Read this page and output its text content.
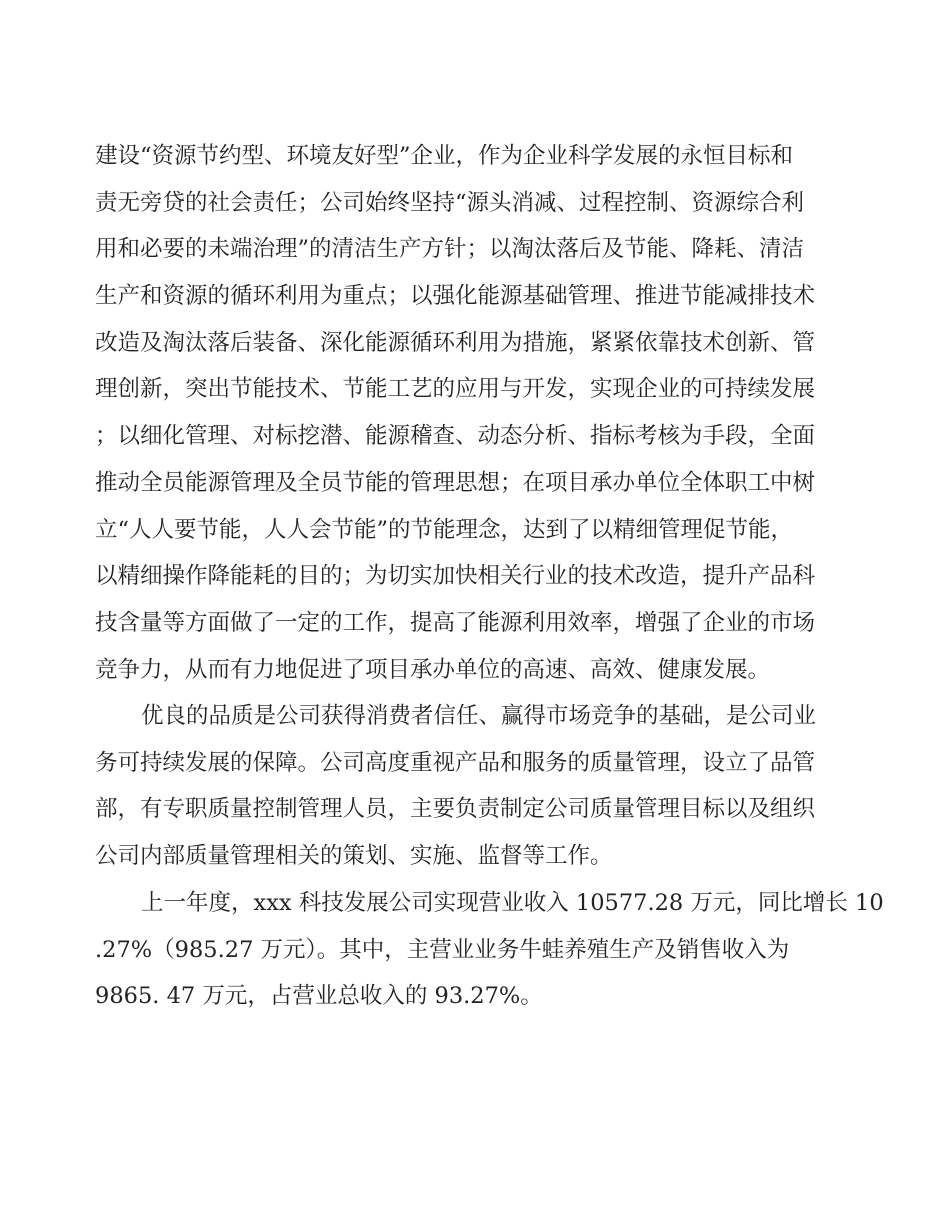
建设“资源节约型、环境友好型”企业，作为企业科学发展的永恒目标和
责无旁贷的社会责任；公司始终坚持“源头消减、过程控制、资源综合利
用和必要的未端治理”的清洁生产方针；以淘汰落后及节能、降耗、清洁
生产和资源的循环利用为重点；以强化能源基础管理、推进节能减排技术
改造及淘汰落后装备、深化能源循环利用为措施，紧紧依靠技术创新、管
理创新，突出节能技术、节能工艺的应用与开发，实现企业的可持续发展
；以细化管理、对标挖潜、能源稽查、动态分析、指标考核为手段，全面
推动全员能源管理及全员节能的管理思想；在项目承办单位全体职工中树
立“人人要节能，人人会节能”的节能理念，达到了以精细管理促节能，
以精细操作降能耗的目的；为切实加快相关行业的技术改造，提升产品科
技含量等方面做了一定的工作，提高了能源利用效率，增强了企业的市场
竞争力，从而有力地促进了项目承办单位的高速、高效、健康发展。
优良的品质是公司获得消费者信任、赢得市场竞争的基础，是公司业
务可持续发展的保障。公司高度重视产品和服务的质量管理，设立了品管
部，有专职质量控制管理人员，主要负责制定公司质量管理目标以及组织
公司内部质量管理相关的策划、实施、监督等工作。
上一年度，xxx 科技发展公司实现营业收入 10577.28 万元，同比增长 10
.27%（985.27 万元）。其中，主营业业务牛蛙养殖生产及销售收入为
9865. 47 万元，占营业总收入的 93.27%。
